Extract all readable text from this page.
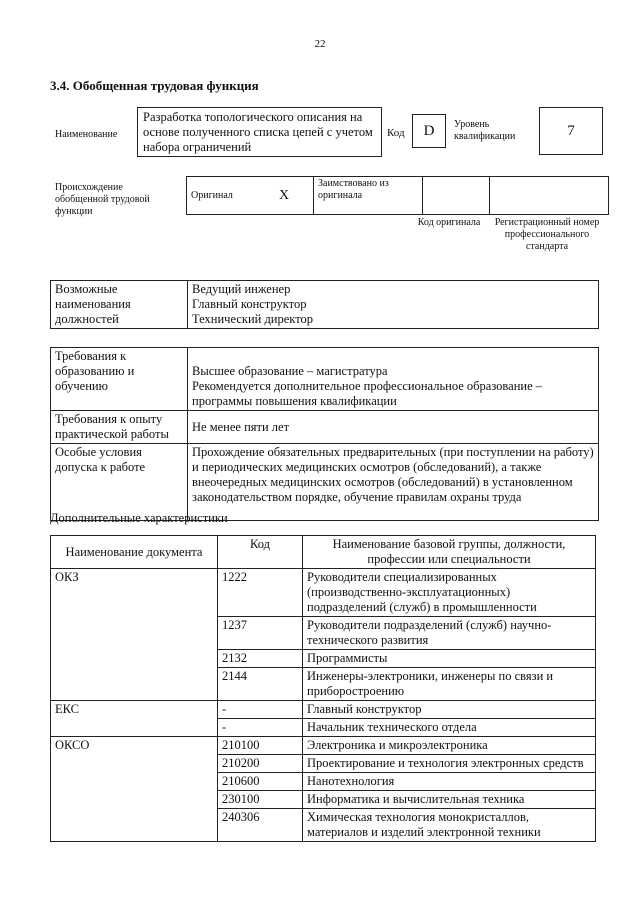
22
3.4. Обобщенная трудовая функция
Наименование
Разработка топологического описания на основе полученного списка цепей с учетом набора ограничений
Код	D	Уровень квалификации	7
Происхождение обобщенной трудовой функции
Оригинал	X	Заимствовано из оригинала		
Код оригинала	Регистрационный номер профессионального стандарта
Возможные наименования должностей	
Ведущий инженер
Главный конструктор
Технический директор
Требования к образованию и обучению	Высшее образование – магистратура
Рекомендуется дополнительное профессиональное образование – программы повышения квалификации

Требования к опыту практической работы	Не менее пяти лет
Особые условия допуска к работе	Прохождение обязательных предварительных (при поступлении на работу) и периодических медицинских осмотров (обследований), а также внеочередных медицинских осмотров (обследований) в установленном законодательством порядке, обучение правилам охраны труда
Дополнительные характеристики
Наименование документа	Код	Наименование базовой группы, должности, профессии или специальности
ОКЗ	1222	Руководители специализированных (производственно-эксплуатационных) подразделений (служб) в промышленности
	1237	Руководители подразделений (служб) научно-технического развития
	2132	Программисты
	2144	Инженеры-электроники, инженеры по связи и приборостроению
ЕКС	-	Главный конструктор
	-	Начальник технического отдела
ОКСО	210100	Электроника и микроэлектроника
	210200	Проектирование и технология электронных средств
	210600	Нанотехнология
	230100	Информатика и вычислительная техника
	240306	Химическая технология монокристаллов, материалов и изделий электронной техники
